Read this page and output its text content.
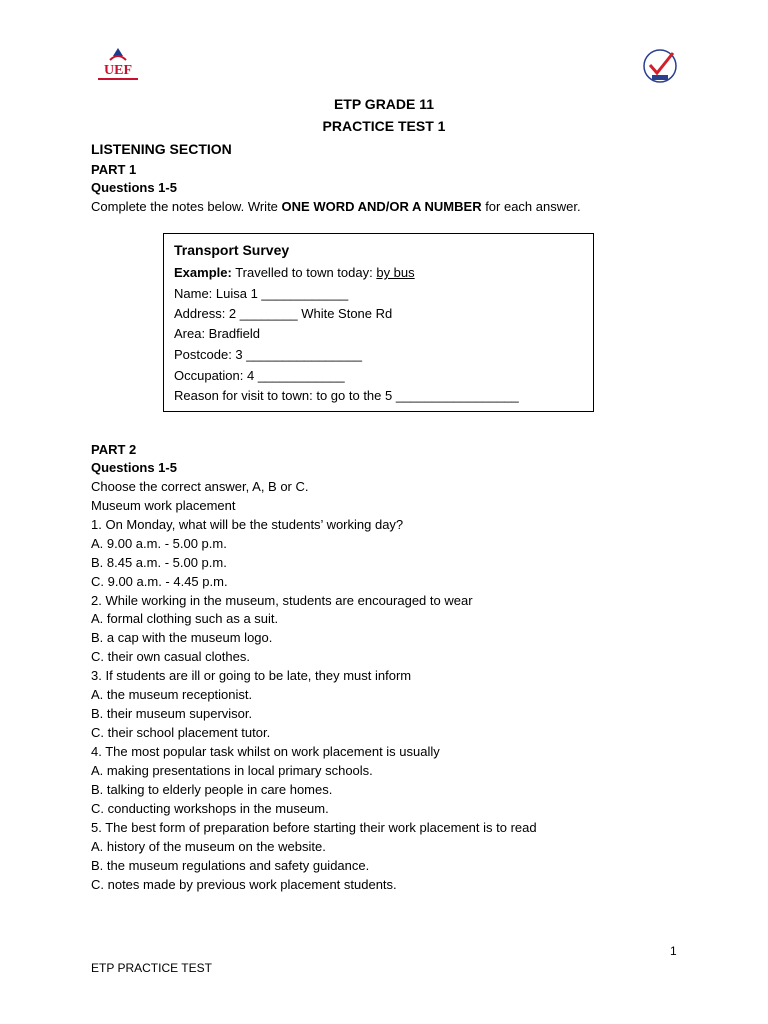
UEF
ETP GRADE 11
PRACTICE TEST 1
LISTENING SECTION
PART 1
Questions 1-5
Complete the notes below. Write ONE WORD AND/OR A NUMBER for each answer.
Transport Survey
Example: Travelled to town today: by bus
Name: Luisa 1 ____________
Address: 2 ________ White Stone Rd
Area: Bradfield
Postcode: 3 ________________
Occupation: 4 ____________
Reason for visit to town: to go to the 5 _________________
PART 2
Questions 1-5
Choose the correct answer, A, B or C.
Museum work placement
1. On Monday, what will be the students’ working day?
A. 9.00 a.m. - 5.00 p.m.
B. 8.45 a.m. - 5.00 p.m.
C. 9.00 a.m. - 4.45 p.m.
2. While working in the museum, students are encouraged to wear
A. formal clothing such as a suit.
B. a cap with the museum logo.
C. their own casual clothes.
3. If students are ill or going to be late, they must inform
A. the museum receptionist.
B. their museum supervisor.
C. their school placement tutor.
4. The most popular task whilst on work placement is usually
A. making presentations in local primary schools.
B. talking to elderly people in care homes.
C. conducting workshops in the museum.
5. The best form of preparation before starting their work placement is to read
A. history of the museum on the website.
B. the museum regulations and safety guidance.
C. notes made by previous work placement students.
1
ETP PRACTICE TEST
